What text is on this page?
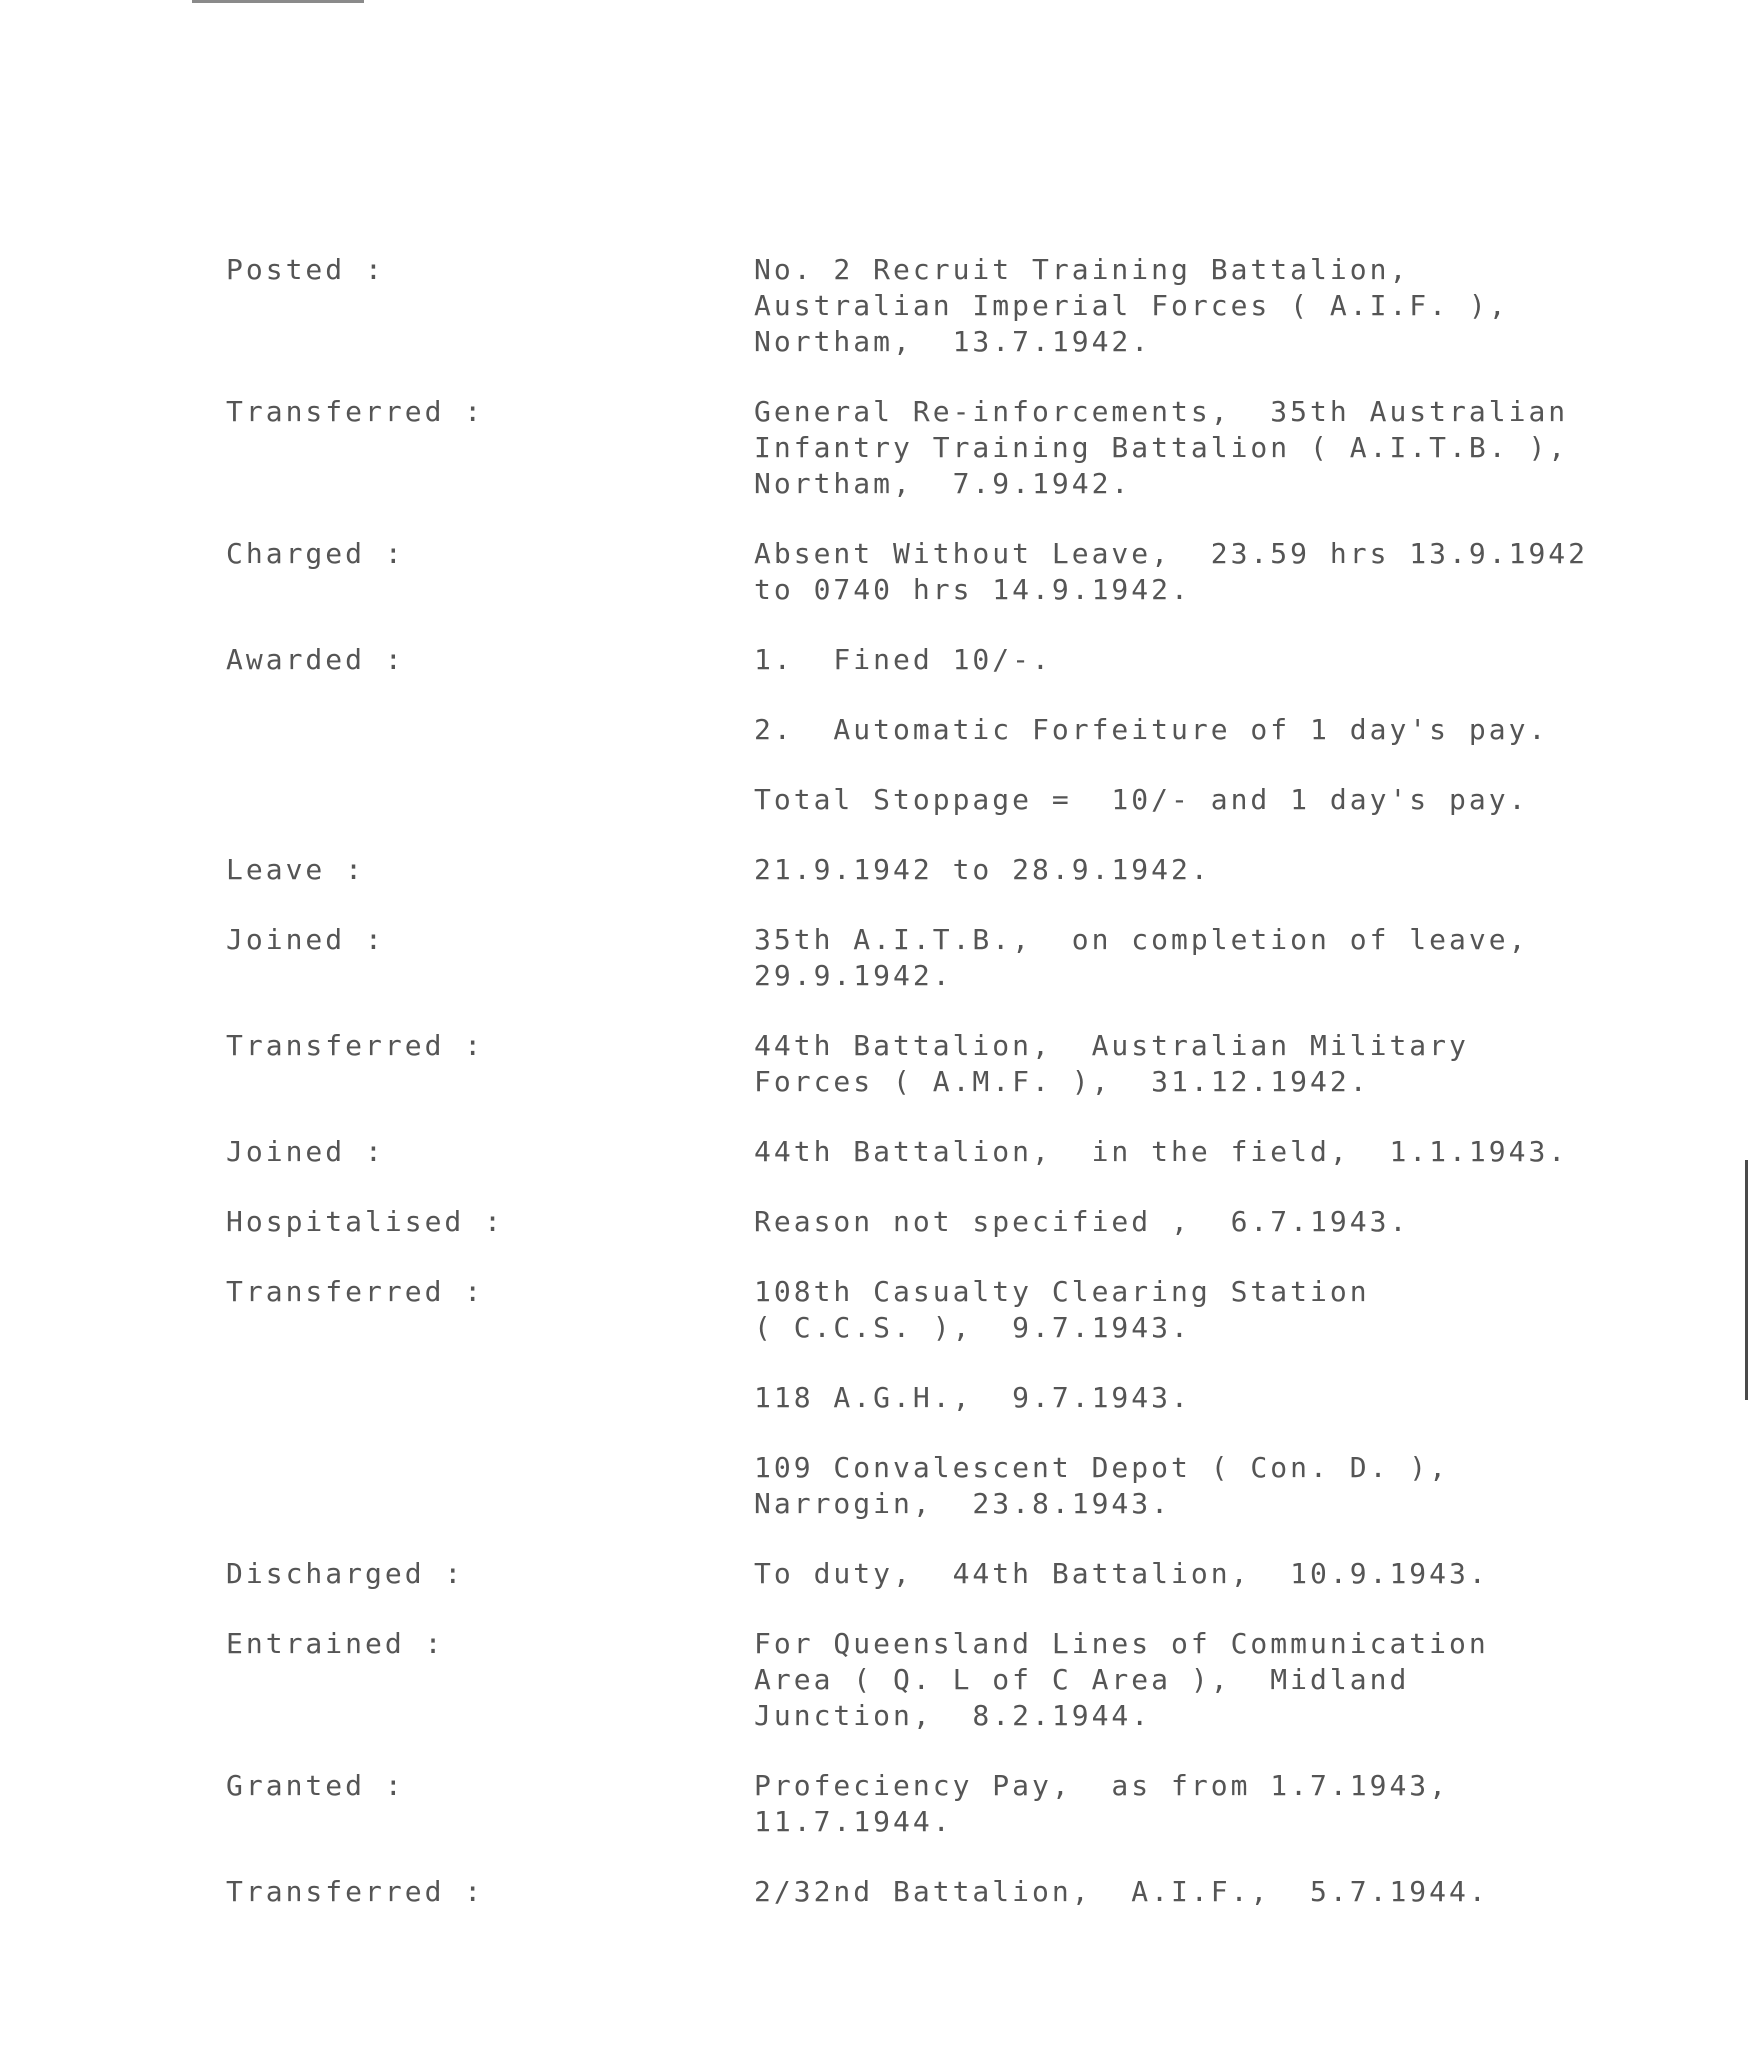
Posted :	No. 2 Recruit Training Battalion,
Australian Imperial Forces ( A.I.F. ),
Northam,  13.7.1942.
Transferred :	General Re-inforcements,  35th Australian
Infantry Training Battalion ( A.I.T.B. ),
Northam,  7.9.1942.
Charged :	Absent Without Leave,  23.59 hrs 13.9.1942
to 0740 hrs 14.9.1942.
Awarded :	1.  Fined 10/-.
2.  Automatic Forfeiture of 1 day's pay.
Total Stoppage =  10/- and 1 day's pay.
Leave :	21.9.1942 to 28.9.1942.
Joined :	35th A.I.T.B.,  on completion of leave,
29.9.1942.
Transferred :	44th Battalion,  Australian Military
Forces ( A.M.F. ),  31.12.1942.
Joined :	44th Battalion,  in the field,  1.1.1943.
Hospitalised :	Reason not specified ,  6.7.1943.
Transferred :	108th Casualty Clearing Station
( C.C.S. ),  9.7.1943.
118 A.G.H.,  9.7.1943.
109 Convalescent Depot ( Con. D. ),
Narrogin,  23.8.1943.
Discharged :	To duty,  44th Battalion,  10.9.1943.
Entrained :	For Queensland Lines of Communication
Area ( Q. L of C Area ),  Midland
Junction,  8.2.1944.
Granted :	Profeciency Pay,  as from 1.7.1943,
11.7.1944.
Transferred :	2/32nd Battalion,  A.I.F.,  5.7.1944.
